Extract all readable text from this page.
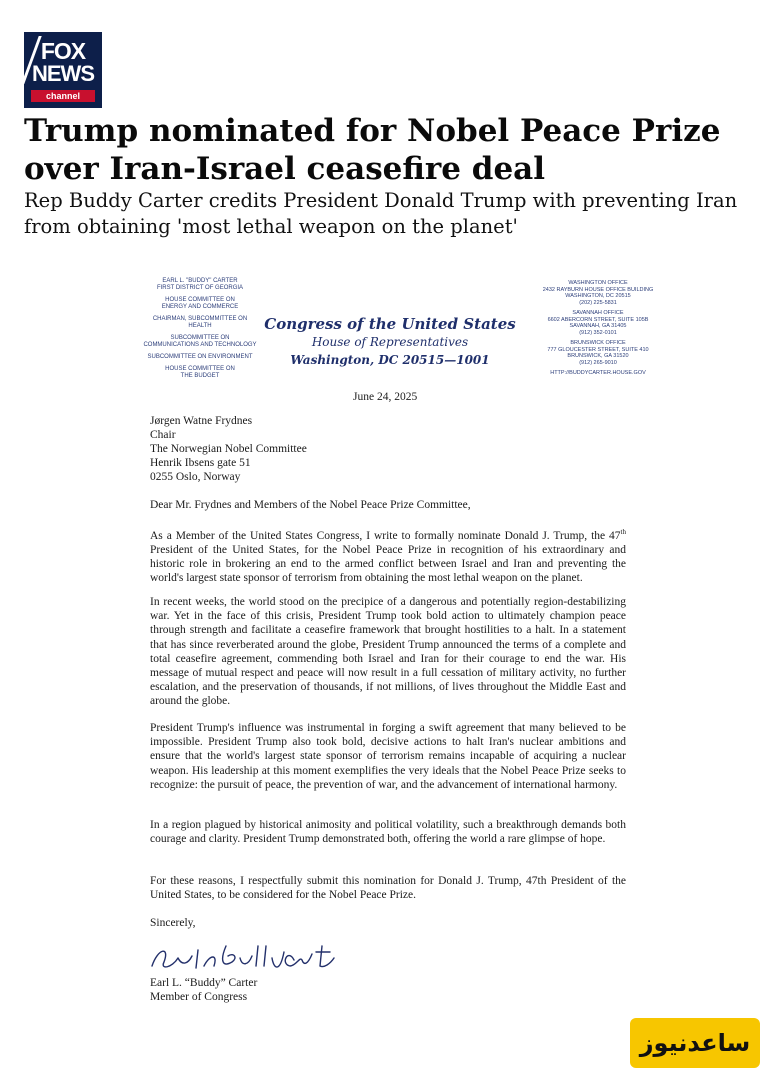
FOX
NEWS
channel
Trump nominated for Nobel Peace Prize over Iran-Israel ceasefire deal

Rep Buddy Carter credits President Donald Trump with preventing Iran from obtaining 'most lethal weapon on the planet'

EARL L. "BUDDY" CARTER
FIRST DISTRICT OF GEORGIA
HOUSE COMMITTEE ON
ENERGY AND COMMERCE
CHAIRMAN, SUBCOMMITTEE ON
HEALTH
SUBCOMMITTEE ON
COMMUNICATIONS AND TECHNOLOGY
SUBCOMMITTEE ON ENVIRONMENT
HOUSE COMMITTEE ON
THE BUDGET
Congress of the United States
House of Representatives
Washington, DC 20515—1001
WASHINGTON OFFICE
2432 RAYBURN HOUSE OFFICE BUILDING
WASHINGTON, DC 20515
(202) 225-5831
SAVANNAH OFFICE
6602 ABERCORN STREET, SUITE 105B
SAVANNAH, GA 31405
(912) 352-0101
BRUNSWICK OFFICE
777 GLOUCESTER STREET, SUITE 410
BRUNSWICK, GA 31520
(912) 265-9010
HTTP://BUDDYCARTER.HOUSE.GOV
June 24, 2025
Jørgen Watne Frydnes
Chair
The Norwegian Nobel Committee
Henrik Ibsens gate 51
0255 Oslo, Norway

Dear Mr. Frydnes and Members of the Nobel Peace Prize Committee,

As a Member of the United States Congress, I write to formally nominate Donald J. Trump, the 47th President of the United States, for the Nobel Peace Prize in recognition of his extraordinary and historic role in brokering an end to the armed conflict between Israel and Iran and preventing the world's largest state sponsor of terrorism from obtaining the most lethal weapon on the planet.

In recent weeks, the world stood on the precipice of a dangerous and potentially region-destabilizing war. Yet in the face of this crisis, President Trump took bold action to ultimately champion peace through strength and facilitate a ceasefire framework that brought hostilities to a halt. In a statement that has since reverberated around the globe, President Trump announced the terms of a complete and total ceasefire agreement, commending both Israel and Iran for their courage to end the war. His message of mutual respect and peace will now result in a full cessation of military activity, no further escalation, and the preservation of thousands, if not millions, of lives throughout the Middle East and around the globe.

President Trump's influence was instrumental in forging a swift agreement that many believed to be impossible. President Trump also took bold, decisive actions to halt Iran's nuclear ambitions and ensure that the world's largest state sponsor of terrorism remains incapable of acquiring a nuclear weapon. His leadership at this moment exemplifies the very ideals that the Nobel Peace Prize seeks to recognize: the pursuit of peace, the prevention of war, and the advancement of international harmony.

In a region plagued by historical animosity and political volatility, such a breakthrough demands both courage and clarity. President Trump demonstrated both, offering the world a rare glimpse of hope.

For these reasons, I respectfully submit this nomination for Donald J. Trump, 47th President of the United States, to be considered for the Nobel Peace Prize.

Sincerely,

Earl L. “Buddy” Carter
Member of Congress
ساعدنیوز
